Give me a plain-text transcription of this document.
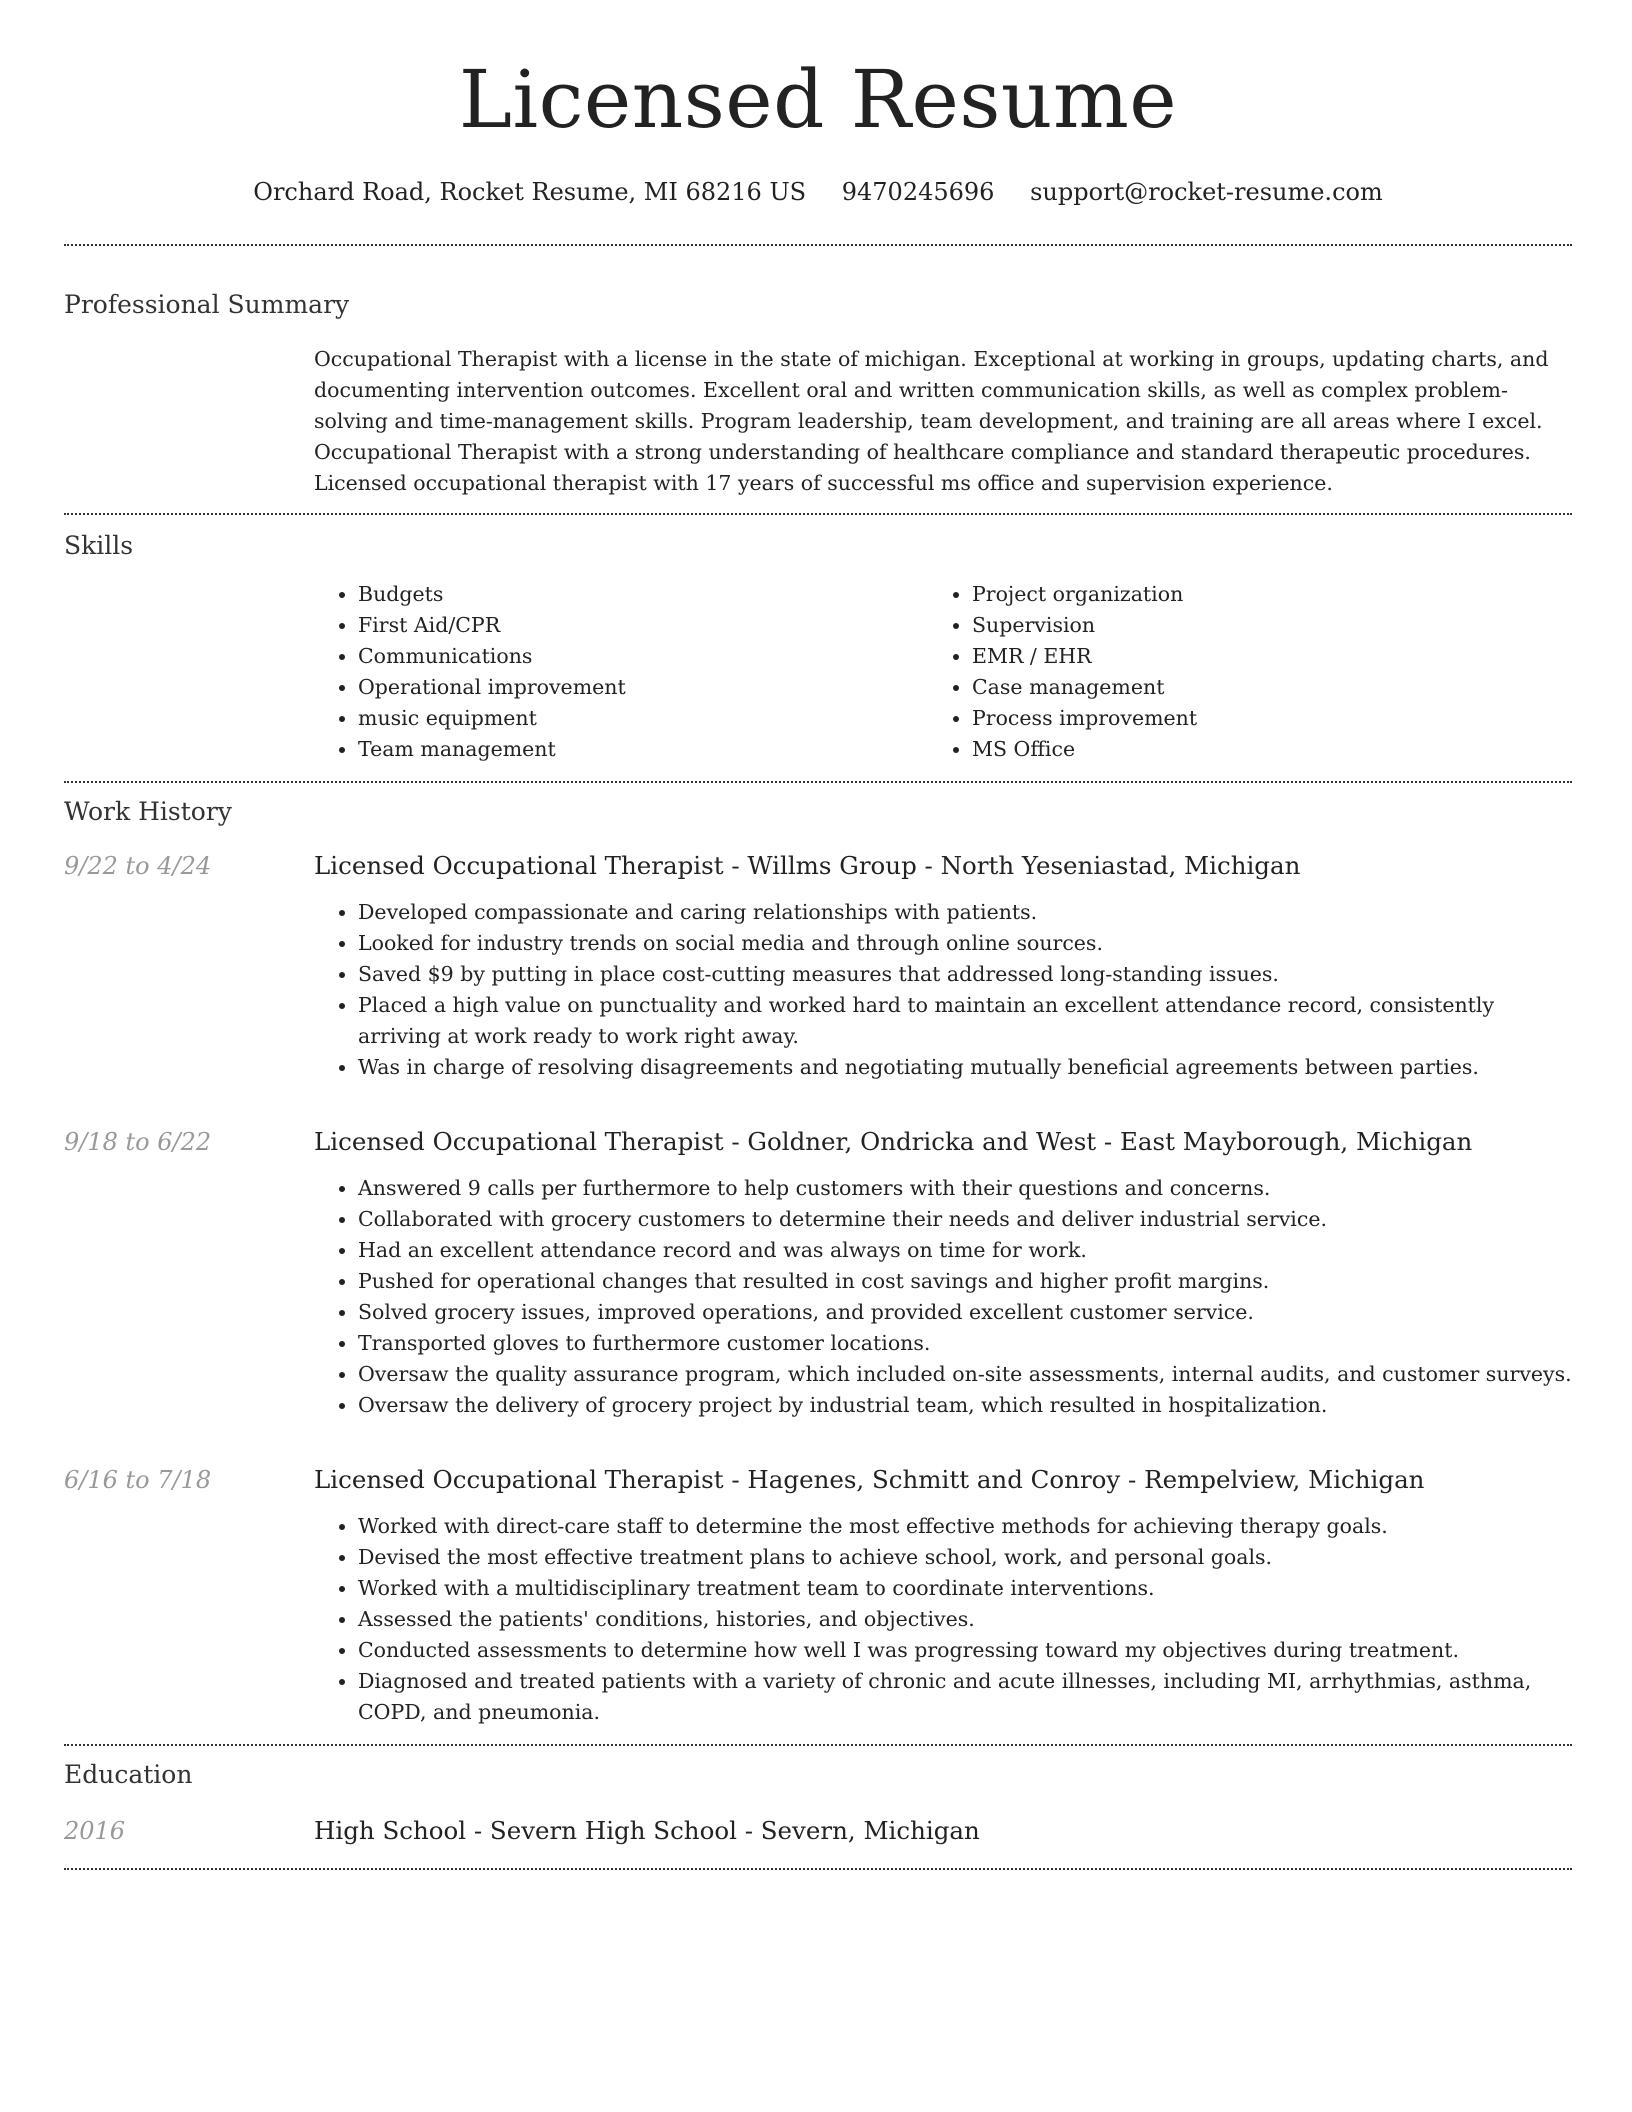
Licensed Resume
Orchard Road, Rocket Resume, MI 68216 US 9470245696 support@rocket-resume.com
Professional Summary
Occupational Therapist with a license in the state of michigan. Exceptional at working in groups, updating charts, and documenting intervention outcomes. Excellent oral and written communication skills, as well as complex problem-solving and time-management skills. Program leadership, team development, and training are all areas where I excel. Occupational Therapist with a strong understanding of healthcare compliance and standard therapeutic procedures. Licensed occupational therapist with 17 years of successful ms office and supervision experience.
Skills
• Budgets
• First Aid/CPR
• Communications
• Operational improvement
• music equipment
• Team management
• Project organization
• Supervision
• EMR / EHR
• Case management
• Process improvement
• MS Office
Work History
9/22 to 4/24	Licensed Occupational Therapist - Willms Group - North Yeseniastad, Michigan
• Developed compassionate and caring relationships with patients.
• Looked for industry trends on social media and through online sources.
• Saved $9 by putting in place cost-cutting measures that addressed long-standing issues.
• Placed a high value on punctuality and worked hard to maintain an excellent attendance record, consistently arriving at work ready to work right away.
• Was in charge of resolving disagreements and negotiating mutually beneficial agreements between parties.
9/18 to 6/22	Licensed Occupational Therapist - Goldner, Ondricka and West - East Mayborough, Michigan
• Answered 9 calls per furthermore to help customers with their questions and concerns.
• Collaborated with grocery customers to determine their needs and deliver industrial service.
• Had an excellent attendance record and was always on time for work.
• Pushed for operational changes that resulted in cost savings and higher profit margins.
• Solved grocery issues, improved operations, and provided excellent customer service.
• Transported gloves to furthermore customer locations.
• Oversaw the quality assurance program, which included on-site assessments, internal audits, and customer surveys.
• Oversaw the delivery of grocery project by industrial team, which resulted in hospitalization.
6/16 to 7/18	Licensed Occupational Therapist - Hagenes, Schmitt and Conroy - Rempelview, Michigan
• Worked with direct-care staff to determine the most effective methods for achieving therapy goals.
• Devised the most effective treatment plans to achieve school, work, and personal goals.
• Worked with a multidisciplinary treatment team to coordinate interventions.
• Assessed the patients' conditions, histories, and objectives.
• Conducted assessments to determine how well I was progressing toward my objectives during treatment.
• Diagnosed and treated patients with a variety of chronic and acute illnesses, including MI, arrhythmias, asthma, COPD, and pneumonia.
Education
2016	High School - Severn High School - Severn, Michigan
